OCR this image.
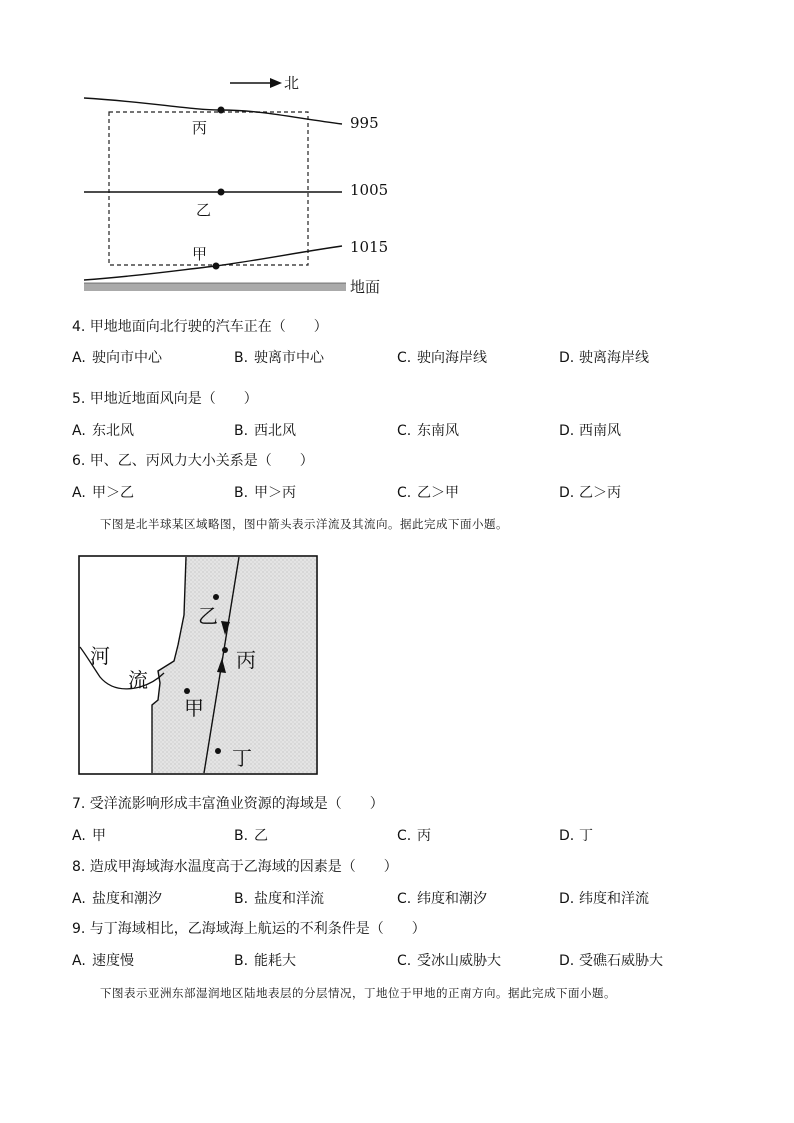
北
995
1005
1015
丙
乙
甲
地面
4. 甲地地面向北行驶的汽车正在（　　）
A. 驶向市中心	B. 驶离市中心	C. 驶向海岸线	D. 驶离海岸线
5. 甲地近地面风向是（　　）
A. 东北风	B. 西北风	C. 东南风	D. 西南风
6. 甲、乙、丙风力大小关系是（　　）
A. 甲＞乙	B. 甲＞丙	C. 乙＞甲	D. 乙＞丙
下图是北半球某区域略图，图中箭头表示洋流及其流向。据此完成下面小题。
河
流
乙
丙
甲
丁
7. 受洋流影响形成丰富渔业资源的海域是（　　）
A. 甲	B. 乙	C. 丙	D. 丁
8. 造成甲海域海水温度高于乙海域的因素是（　　）
A. 盐度和潮汐	B. 盐度和洋流	C. 纬度和潮汐	D. 纬度和洋流
9. 与丁海域相比，乙海域海上航运的不利条件是（　　）
A. 速度慢	B. 能耗大	C. 受冰山威胁大	D. 受礁石威胁大
下图表示亚洲东部湿润地区陆地表层的分层情况，丁地位于甲地的正南方向。据此完成下面小题。
